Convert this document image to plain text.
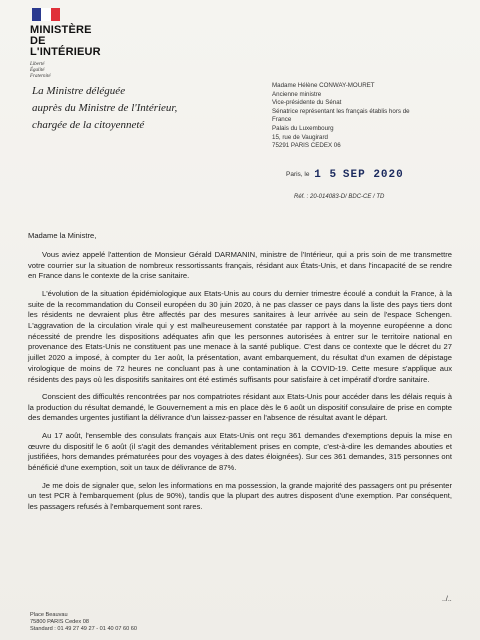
MINISTÈRE
DE L'INTÉRIEUR
Liberté
Égalité
Fraternité
La Ministre déléguée
auprès du Ministre de l'Intérieur,
chargée de la citoyenneté
Madame Hélène CONWAY-MOURET
Ancienne ministre
Vice-présidente du Sénat
Sénatrice représentant les français établis hors de
France
Palais du Luxembourg
15, rue de Vaugirard
75291 PARIS CEDEX 06
Paris, le 1 5 SEP 2020
Réf. : 20-014083-D/ BDC-CE / TD
Madame la Ministre,

Vous aviez appelé l'attention de Monsieur Gérald DARMANIN, ministre de l'Intérieur, qui a pris soin de me transmettre votre courrier sur la situation de nombreux ressortissants français, résidant aux États-Unis, et dans l'incapacité de se rendre en France dans le contexte de la crise sanitaire.

L'évolution de la situation épidémiologique aux Etats-Unis au cours du dernier trimestre écoulé a conduit la France, à la suite de la recommandation du Conseil européen du 30 juin 2020, à ne pas classer ce pays dans la liste des pays tiers dont les résidents ne devraient plus être affectés par des mesures sanitaires à leur arrivée au sein de l'espace Schengen. L'aggravation de la circulation virale qui y est malheureusement constatée par rapport à la moyenne européenne a donc nécessité de prendre les dispositions adéquates afin que les personnes autorisées à entrer sur le territoire national en provenance des Etats-Unis ne constituent pas une menace à la santé publique. C'est dans ce contexte que le décret du 27 juillet 2020 a imposé, à compter du 1er août, la présentation, avant embarquement, du résultat d'un examen de dépistage virologique de moins de 72 heures ne concluant pas à une contamination à la COVID-19. Cette mesure s'applique aux résidents des pays où les dispositifs sanitaires ont été estimés suffisants pour satisfaire à cet impératif d'ordre sanitaire.

Conscient des difficultés rencontrées par nos compatriotes résidant aux Etats-Unis pour accéder dans les délais requis à la production du résultat demandé, le Gouvernement a mis en place dès le 6 août un dispositif consulaire de prise en compte des demandes urgentes justifiant la délivrance d'un laissez-passer en l'absence de résultat avant le départ.

Au 17 août, l'ensemble des consulats français aux Etats-Unis ont reçu 361 demandes d'exemptions depuis la mise en œuvre du dispositif le 6 août (il s'agit des demandes véritablement prises en compte, c'est-à-dire les demandes abouties et justifiées, hors demandes prématurées pour des voyages à des dates éloignées). Sur ces 361 demandes, 315 personnes ont bénéficié d'une exemption, soit un taux de délivrance de 87%.

Je me dois de signaler que, selon les informations en ma possession, la grande majorité des passagers ont pu présenter un test PCR à l'embarquement (plus de 90%), tandis que la plupart des autres disposent d'une exemption. Par conséquent, les passagers refusés à l'embarquement sont rares.

../..
Place Beauvau
75800 PARIS Cedex 08
Standard : 01 49 27 49 27 - 01 40 07 60 60
